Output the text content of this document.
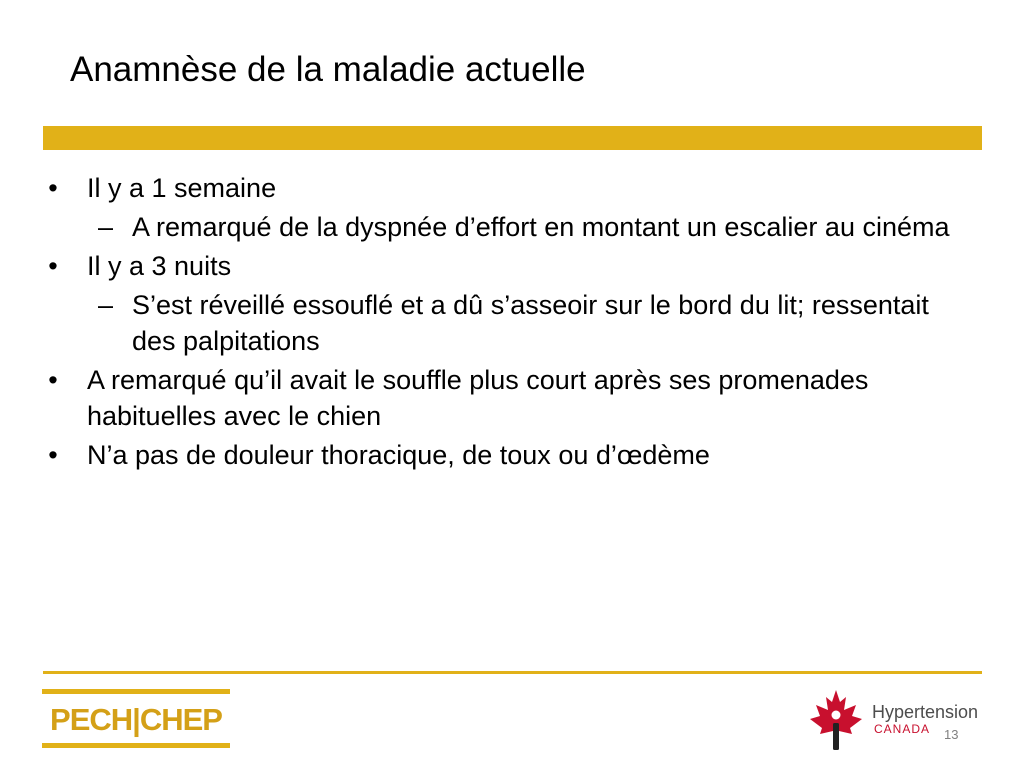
Anamnèse de la maladie actuelle
• Il y a 1 semaine
– A remarqué de la dyspnée d’effort en montant un escalier au cinéma
• Il y a 3 nuits
– S’est réveillé essouflé et a dû s’asseoir sur le bord du lit; ressentait des palpitations
• A remarqué qu’il avait le souffle plus court après ses promenades habituelles avec le chien
• N’a pas de douleur thoracique, de toux ou d’œdème
PECH|CHEP	Hypertension
CANADA 13
